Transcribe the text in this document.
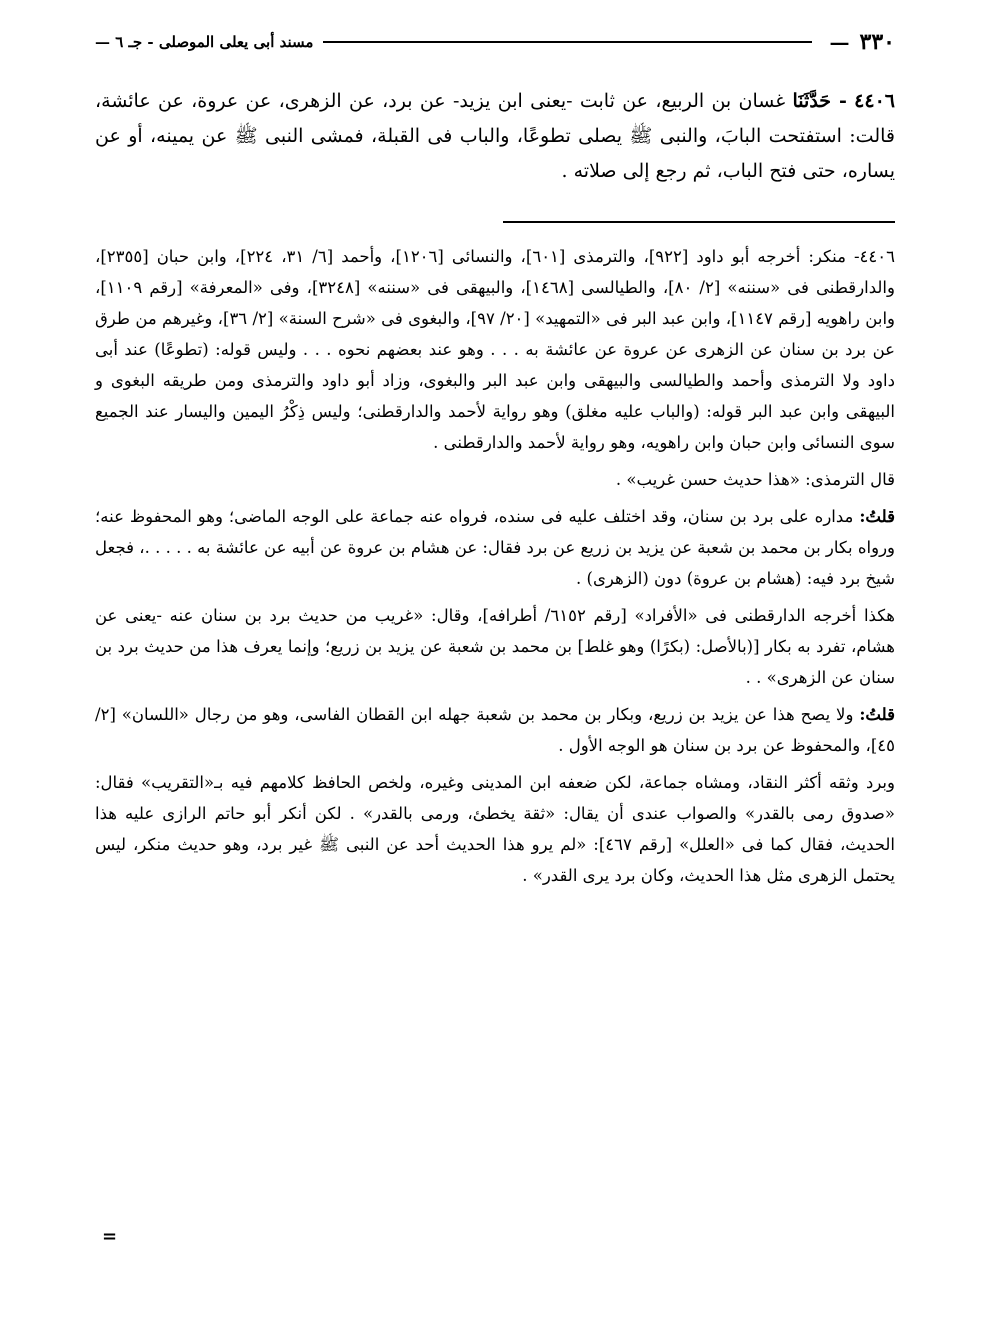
٣٣٠
—
مسند أبى يعلى الموصلى - جـ ٦ —
٤٤٠٦ - حَدَّثَنَا غسان بن الربيع، عن ثابت -يعنى ابن يزيد- عن برد، عن الزهرى، عن عروة، عن عائشة، قالت: استفتحت البابَ، والنبى ﷺ يصلى تطوعًا، والباب فى القبلة، فمشى النبى ﷺ عن يمينه، أو عن يساره، حتى فتح الباب، ثم رجع إلى صلاته .

٤٤٠٦- منكر: أخرجه أبو داود [٩٢٢]، والترمذى [٦٠١]، والنسائى [١٢٠٦]، وأحمد [٦/ ٣١، ٢٢٤]، وابن حبان [٢٣٥٥]، والدارقطنى فى «سننه» [٢/ ٨٠]، والطيالسى [١٤٦٨]، والبيهقى فى «سننه» [٣٢٤٨]، وفى «المعرفة» [رقم ١١٠٩]، وابن راهويه [رقم ١١٤٧]، وابن عبد البر فى «التمهيد» [٢٠/ ٩٧]، والبغوى فى «شرح السنة» [٢/ ٣٦]، وغيرهم من طرق عن برد بن سنان عن الزهرى عن عروة عن عائشة به . . . وهو عند بعضهم نحوه . . . وليس قوله: (تطوعًا) عند أبى داود ولا الترمذى وأحمد والطيالسى والبيهقى وابن عبد البر والبغوى، وزاد أبو داود والترمذى ومن طريقه البغوى و البيهقى وابن عبد البر قوله: (والباب عليه مغلق) وهو رواية لأحمد والدارقطنى؛ وليس ذِكْرُ اليمين واليسار عند الجميع سوى النسائى وابن حبان وابن راهويه، وهو رواية لأحمد والدارقطنى .

قال الترمذى: «هذا حديث حسن غريب» .

قلتُ: مداره على برد بن سنان، وقد اختلف عليه فى سنده، فرواه عنه جماعة على الوجه الماضى؛ وهو المحفوظ عنه؛ ورواه بكار بن محمد بن شعبة عن يزيد بن زريع عن برد فقال: عن هشام بن عروة عن أبيه عن عائشة به . . . . .، فجعل شيخ برد فيه: (هشام بن عروة) دون (الزهرى) .

هكذا أخرجه الدارقطنى فى «الأفراد» [رقم ٦١٥٢/ أطرافه]، وقال: «غريب من حديث برد بن سنان عنه -يعنى عن هشام، تفرد به بكار [(بالأصل: (بكرًا) وهو غلط] بن محمد بن شعبة عن يزيد بن زريع؛ وإنما يعرف هذا من حديث برد بن سنان عن الزهرى» . .

قلتُ: ولا يصح هذا عن يزيد بن زريع، وبكار بن محمد بن شعبة جهله ابن القطان الفاسى، وهو من رجال «اللسان» [٢/ ٤٥]، والمحفوظ عن برد بن سنان هو الوجه الأول .

وبرد وثقه أكثر النقاد، ومشاه جماعة، لكن ضعفه ابن المدينى وغيره، ولخص الحافظ كلامهم فيه بـ«التقريب» فقال: «صدوق رمى بالقدر» والصواب عندى أن يقال: «ثقة يخطئ، ورمى بالقدر» . لكن أنكر أبو حاتم الرازى عليه هذا الحديث، فقال كما فى «العلل» [رقم ٤٦٧]: «لم يرو هذا الحديث أحد عن النبى ﷺ غير برد، وهو حديث منكر، ليس يحتمل الزهرى مثل هذا الحديث، وكان برد يرى القدر» .

=
